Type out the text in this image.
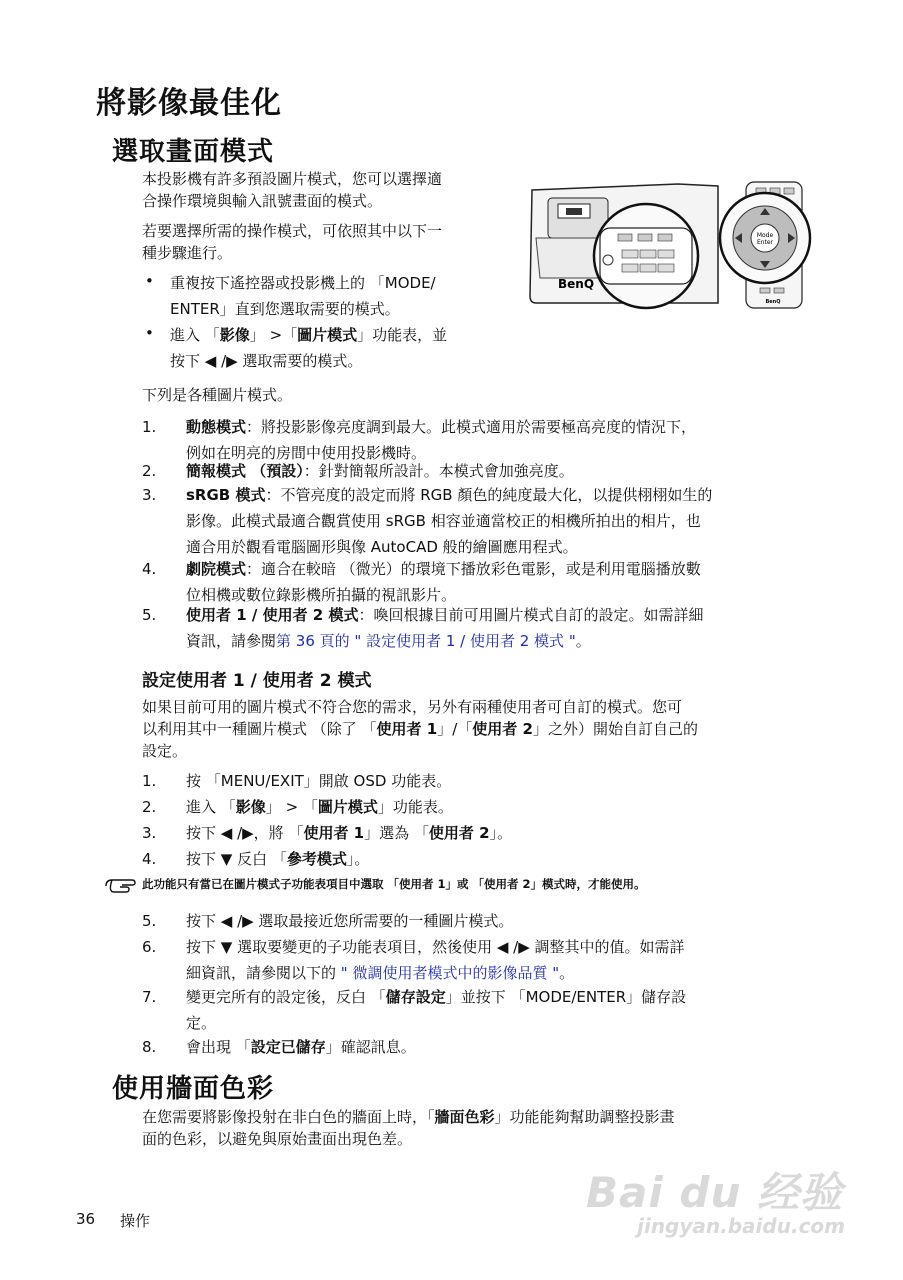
將影像最佳化
選取畫面模式
本投影機有許多預設圖片模式，您可以選擇適
合操作環境與輸入訊號畫面的模式。
若要選擇所需的操作模式，可依照其中以下一
種步驟進行。
• 重複按下遙控器或投影機上的 「MODE/
ENTER」直到您選取需要的模式。
• 進入 「影像」 >「圖片模式」功能表，並
按下 ◀ /▶ 選取需要的模式。
BenQ
Mode
Enter
BenQ
下列是各種圖片模式。
1. 動態模式：將投影影像亮度調到最大。此模式適用於需要極高亮度的情況下，
例如在明亮的房間中使用投影機時。
2. 簡報模式 （預設）：針對簡報所設計。本模式會加強亮度。
3. sRGB 模式：不管亮度的設定而將 RGB 顏色的純度最大化，以提供栩栩如生的
影像。此模式最適合觀賞使用 sRGB 相容並適當校正的相機所拍出的相片，也
適合用於觀看電腦圖形與像 AutoCAD 般的繪圖應用程式。
4. 劇院模式：適合在較暗 （微光）的環境下播放彩色電影，或是利用電腦播放數
位相機或數位錄影機所拍攝的視訊影片。
5. 使用者 1 / 使用者 2 模式：喚回根據目前可用圖片模式自訂的設定。如需詳細
資訊，請參閱第 36 頁的 " 設定使用者 1 / 使用者 2 模式 "。
設定使用者 1 / 使用者 2 模式
如果目前可用的圖片模式不符合您的需求，另外有兩種使用者可自訂的模式。您可
以利用其中一種圖片模式 （除了 「使用者 1」/「使用者 2」之外）開始自訂自己的
設定。
1. 按 「MENU/EXIT」開啟 OSD 功能表。
2. 進入 「影像」 > 「圖片模式」功能表。
3. 按下 ◀ /▶，將 「使用者 1」選為 「使用者 2」。
4. 按下 ▼ 反白 「參考模式」。
此功能只有當已在圖片模式子功能表項目中選取 「使用者 1」或 「使用者 2」模式時，才能使用。
5. 按下 ◀ /▶ 選取最接近您所需要的一種圖片模式。
6. 按下 ▼ 選取要變更的子功能表項目，然後使用 ◀ /▶ 調整其中的值。如需詳
細資訊，請參閱以下的 " 微調使用者模式中的影像品質 "。
7. 變更完所有的設定後，反白 「儲存設定」並按下 「MODE/ENTER」儲存設
定。
8. 會出現 「設定已儲存」確認訊息。
使用牆面色彩
在您需要將影像投射在非白色的牆面上時，「牆面色彩」功能能夠幫助調整投影畫
面的色彩，以避免與原始畫面出現色差。
36 操作
Bai du 经验
jingyan.baidu.com
